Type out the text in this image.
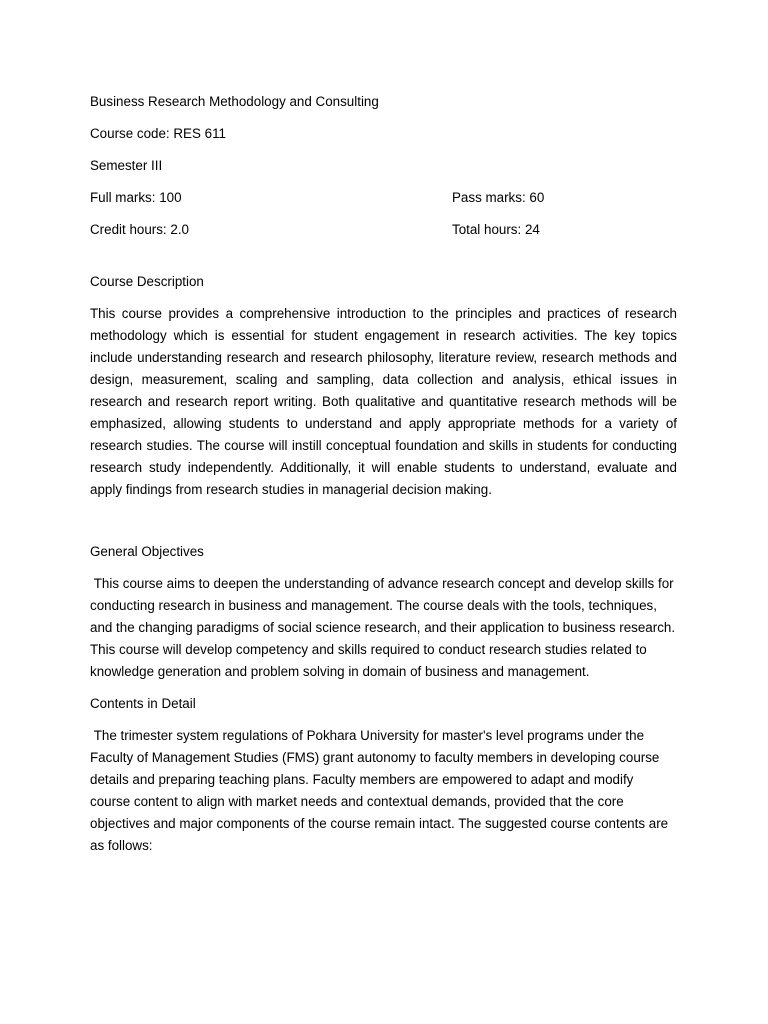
Business Research Methodology and Consulting
Course code: RES 611
Semester III
Full marks: 100	Pass marks: 60
Credit hours: 2.0	Total hours: 24
Course Description
This course provides a comprehensive introduction to the principles and practices of research methodology which is essential for student engagement in research activities. The key topics include understanding research and research philosophy, literature review, research methods and design, measurement, scaling and sampling, data collection and analysis, ethical issues in research and research report writing. Both qualitative and quantitative research methods will be emphasized, allowing students to understand and apply appropriate methods for a variety of research studies. The course will instill conceptual foundation and skills in students for conducting research study independently. Additionally, it will enable students to understand, evaluate and apply findings from research studies in managerial decision making.
General Objectives
This course aims to deepen the understanding of advance research concept and develop skills for conducting research in business and management. The course deals with the tools, techniques, and the changing paradigms of social science research, and their application to business research. This course will develop competency and skills required to conduct research studies related to knowledge generation and problem solving in domain of business and management.
Contents in Detail
The trimester system regulations of Pokhara University for master's level programs under the Faculty of Management Studies (FMS) grant autonomy to faculty members in developing course details and preparing teaching plans. Faculty members are empowered to adapt and modify course content to align with market needs and contextual demands, provided that the core objectives and major components of the course remain intact. The suggested course contents are as follows:
